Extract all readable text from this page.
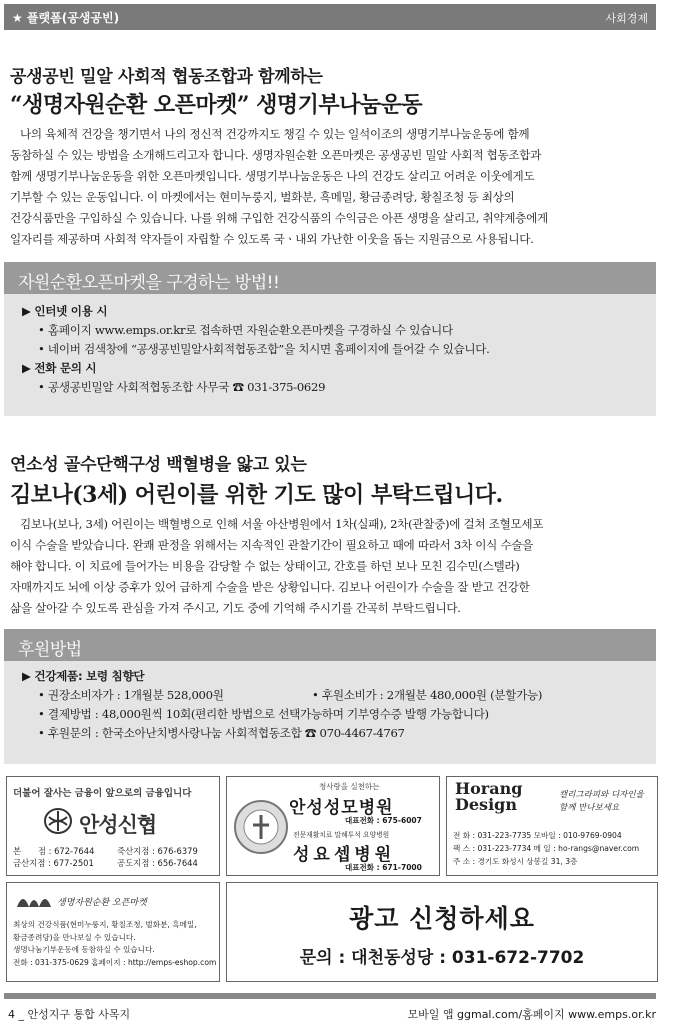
★ 플랫폼(공생공빈)	사회경제
공생공빈 밀알 사회적 협동조합과 함께하는
“생명자원순환 오픈마켓” 생명기부나눔운동
나의 육체적 건강을 챙기면서 나의 정신적 건강까지도 챙길 수 있는 일석이조의 생명기부나눔운동에 함께
동참하실 수 있는 방법을 소개해드리고자 합니다. 생명자원순환 오픈마켓은 공생공빈 밀알 사회적 협동조합과
함께 생명기부나눔운동을 위한 오픈마켓입니다. 생명기부나눔운동은 나의 건강도 살리고 어려운 이웃에게도
기부할 수 있는 운동입니다. 이 마켓에서는 현미누룽지, 벌화분, 흑메밀, 황금종려당, 황칠조청 등 최상의
건강식품만을 구입하실 수 있습니다. 나를 위해 구입한 건강식품의 수익금은 아픈 생명을 살리고, 취약계층에게
일자리를 제공하며 사회적 약자들이 자립할 수 있도록 국ㆍ내외 가난한 이웃을 돕는 지원금으로 사용됩니다.
자원순환오픈마켓을 구경하는 방법!!
▶ 인터넷 이용 시
• 홈페이지 www.emps.or.kr로 접속하면 자원순환오픈마켓을 구경하실 수 있습니다
• 네이버 검색창에 “공생공빈밀알사회적협동조합”을 치시면 홈페이지에 들어갈 수 있습니다.
▶ 전화 문의 시
• 공생공빈밀알 사회적협동조합 사무국 ☎ 031-375-0629
연소성 골수단핵구성 백혈병을 앓고 있는
김보나(3세) 어린이를 위한 기도 많이 부탁드립니다.
김보나(보나, 3세) 어린이는 백혈병으로 인해 서울 아산병원에서 1차(실패), 2차(관찰중)에 걸쳐 조혈모세포
이식 수술을 받았습니다. 완쾌 판정을 위해서는 지속적인 관찰기간이 필요하고 때에 따라서 3차 이식 수술을
해야 합니다. 이 치료에 들어가는 비용을 감당할 수 없는 상태이고, 간호를 하던 보나 모친 김수민(스텔라)
자매까지도 뇌에 이상 증후가 있어 급하게 수술을 받은 상황입니다. 김보나 어린이가 수술을 잘 받고 건강한
삶을 살아갈 수 있도록 관심을 가져 주시고, 기도 중에 기억해 주시기를 간곡히 부탁드립니다.
후원방법
▶ 건강제품: 보령 침향단
• 권장소비자가 : 1개월분 528,000원	• 후원소비가 : 2개월분 480,000원 (분할가능)
• 결제방법 : 48,000원씩 10회(편리한 방법으로 선택가능하며 기부영수증 발행 가능합니다)
• 후원문의 : 한국소아난치병사랑나눔 사회적협동조합 ☎ 070-4467-4767
더불어 잘사는 금융이 앞으로의 금융입니다
안성신협
본　　점 : 672-7644	죽산지점 : 676-6379
금산지점 : 677-2501	공도지점 : 656-7644
청사랑을 실천하는
안성성모병원
대표전화 : 675-6007
전문재활치료 말해투석 요양병원
성요셉병원
대표전화 : 671-7000
Horang
Design	캘리그라피와 디자인을
함께 만나보세요
전 화 : 031-223-7735 모바일 : 010-9769-0904
팩 스 : 031-223-7734 메 일 : ho-rangs@naver.com
주 소 : 경기도 화성시 상봉길 31, 3층
생명자원순환 오픈마켓
최상의 건강식품(현미누룽지, 황칠조청, 벌화분, 흑메밀,
황금종려당)을 만나보실 수 있습니다.
생명나눔기부운동에 동참하실 수 있습니다.
전화 : 031-375-0629 홈페이지 : http://emps-eshop.com
광고 신청하세요
문의 : 대천동성당 : 031-672-7702
4 _ 안성지구 통합 사목지	모바일 앱 ggmal.com/홈페이지 www.emps.or.kr
